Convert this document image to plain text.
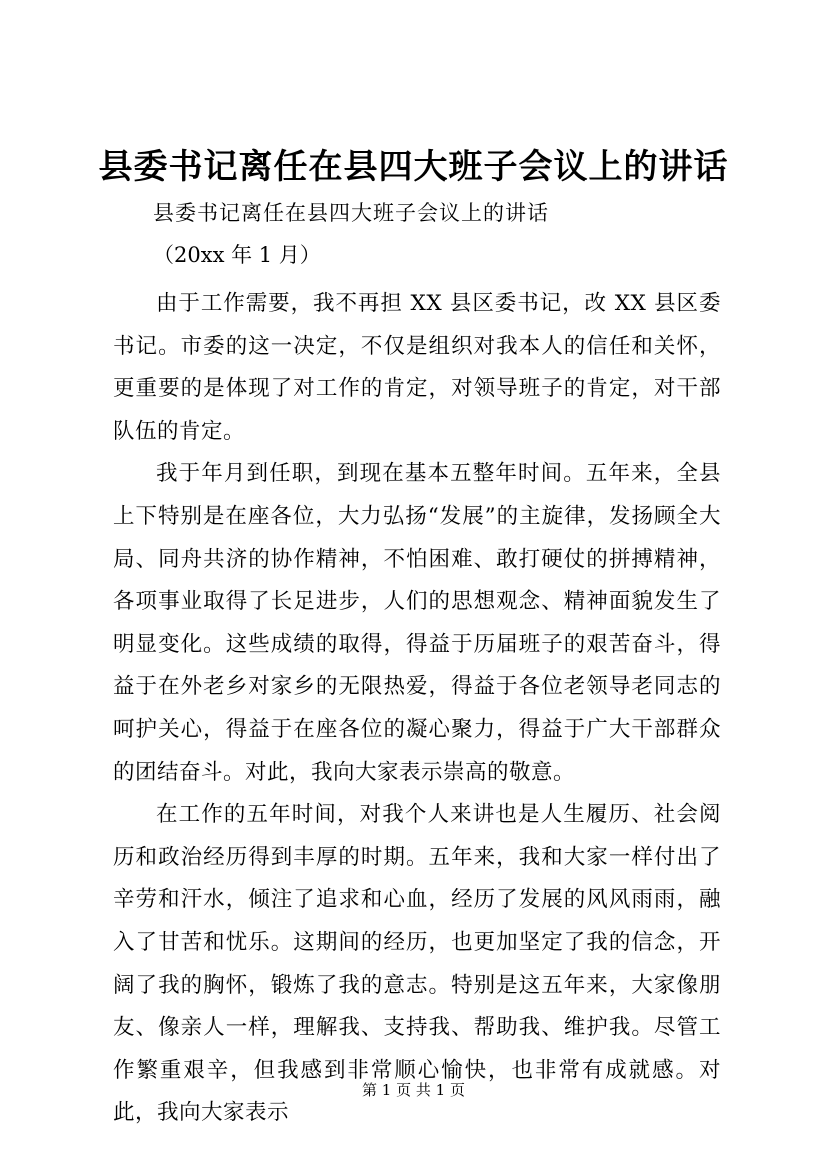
县委书记离任在县四大班子会议上的讲话
县委书记离任在县四大班子会议上的讲话
（20xx 年 1 月）

由于工作需要，我不再担 XX 县区委书记，改 XX 县区委书记。市委的这一决定，不仅是组织对我本人的信任和关怀，更重要的是体现了对工作的肯定，对领导班子的肯定，对干部队伍的肯定。

我于年月到任职，到现在基本五整年时间。五年来，全县上下特别是在座各位，大力弘扬“发展”的主旋律，发扬顾全大局、同舟共济的协作精神，不怕困难、敢打硬仗的拼搏精神，各项事业取得了长足进步，人们的思想观念、精神面貌发生了明显变化。这些成绩的取得，得益于历届班子的艰苦奋斗，得益于在外老乡对家乡的无限热爱，得益于各位老领导老同志的呵护关心，得益于在座各位的凝心聚力，得益于广大干部群众的团结奋斗。对此，我向大家表示崇高的敬意。

在工作的五年时间，对我个人来讲也是人生履历、社会阅历和政治经历得到丰厚的时期。五年来，我和大家一样付出了辛劳和汗水，倾注了追求和心血，经历了发展的风风雨雨，融入了甘苦和忧乐。这期间的经历，也更加坚定了我的信念，开阔了我的胸怀，锻炼了我的意志。特别是这五年来，大家像朋友、像亲人一样，理解我、支持我、帮助我、维护我。尽管工作繁重艰辛，但我感到非常顺心愉快，也非常有成就感。对此，我向大家表示

第 1 页 共 1 页
